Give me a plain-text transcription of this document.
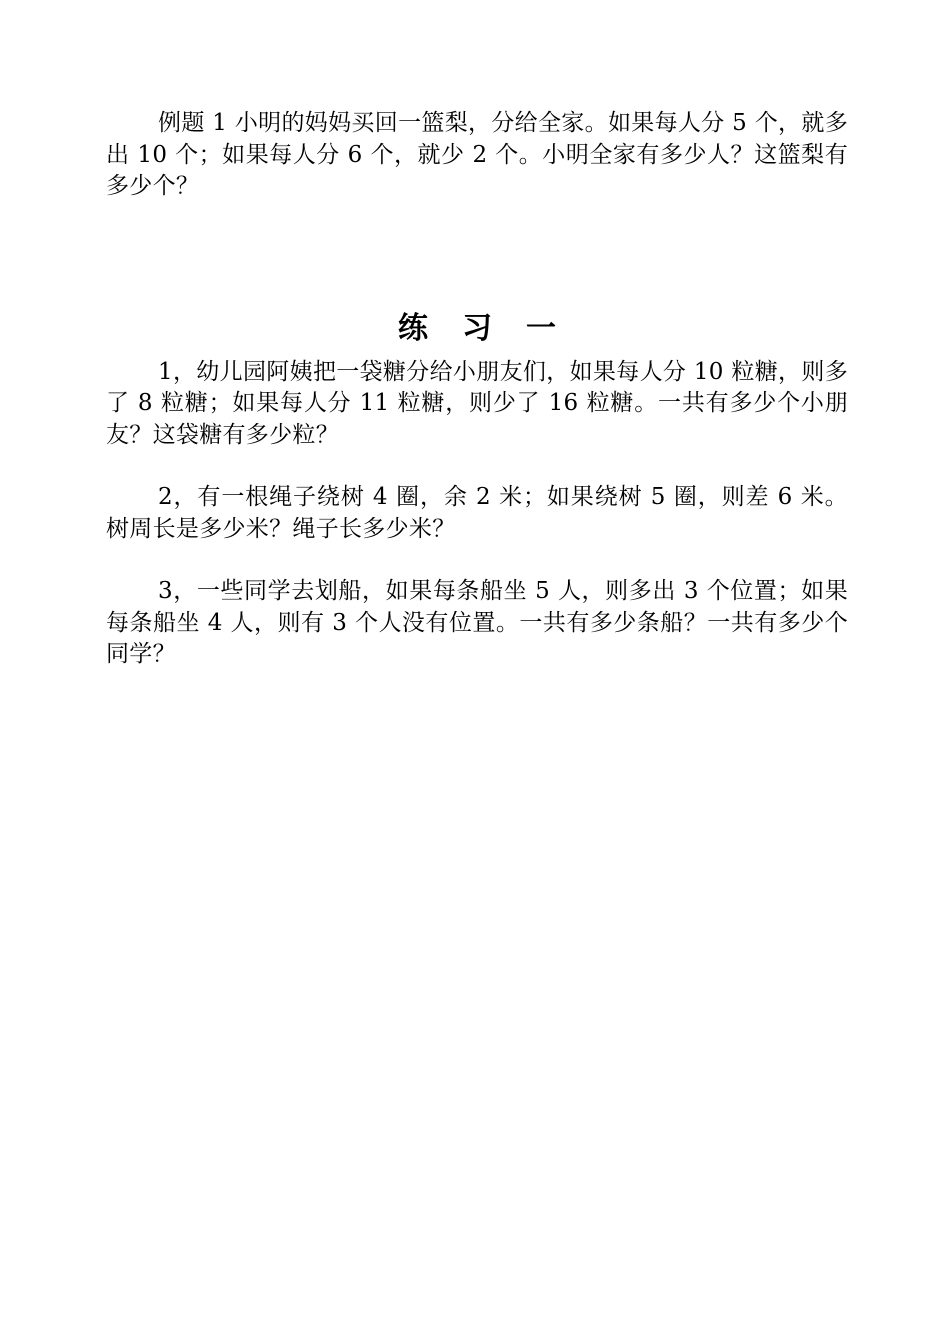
例题 1 小明的妈妈买回一篮梨，分给全家。如果每人分 5 个，就多出 10 个；如果每人分 6 个，就少 2 个。小明全家有多少人？这篮梨有多少个？

练习一

1，幼儿园阿姨把一袋糖分给小朋友们，如果每人分 10 粒糖，则多了 8 粒糖；如果每人分 11 粒糖，则少了 16 粒糖。一共有多少个小朋友？这袋糖有多少粒？

2，有一根绳子绕树 4 圈，余 2 米；如果绕树 5 圈，则差 6 米。树周长是多少米？绳子长多少米？

3，一些同学去划船，如果每条船坐 5 人，则多出 3 个位置；如果每条船坐 4 人，则有 3 个人没有位置。一共有多少条船？一共有多少个同学？
